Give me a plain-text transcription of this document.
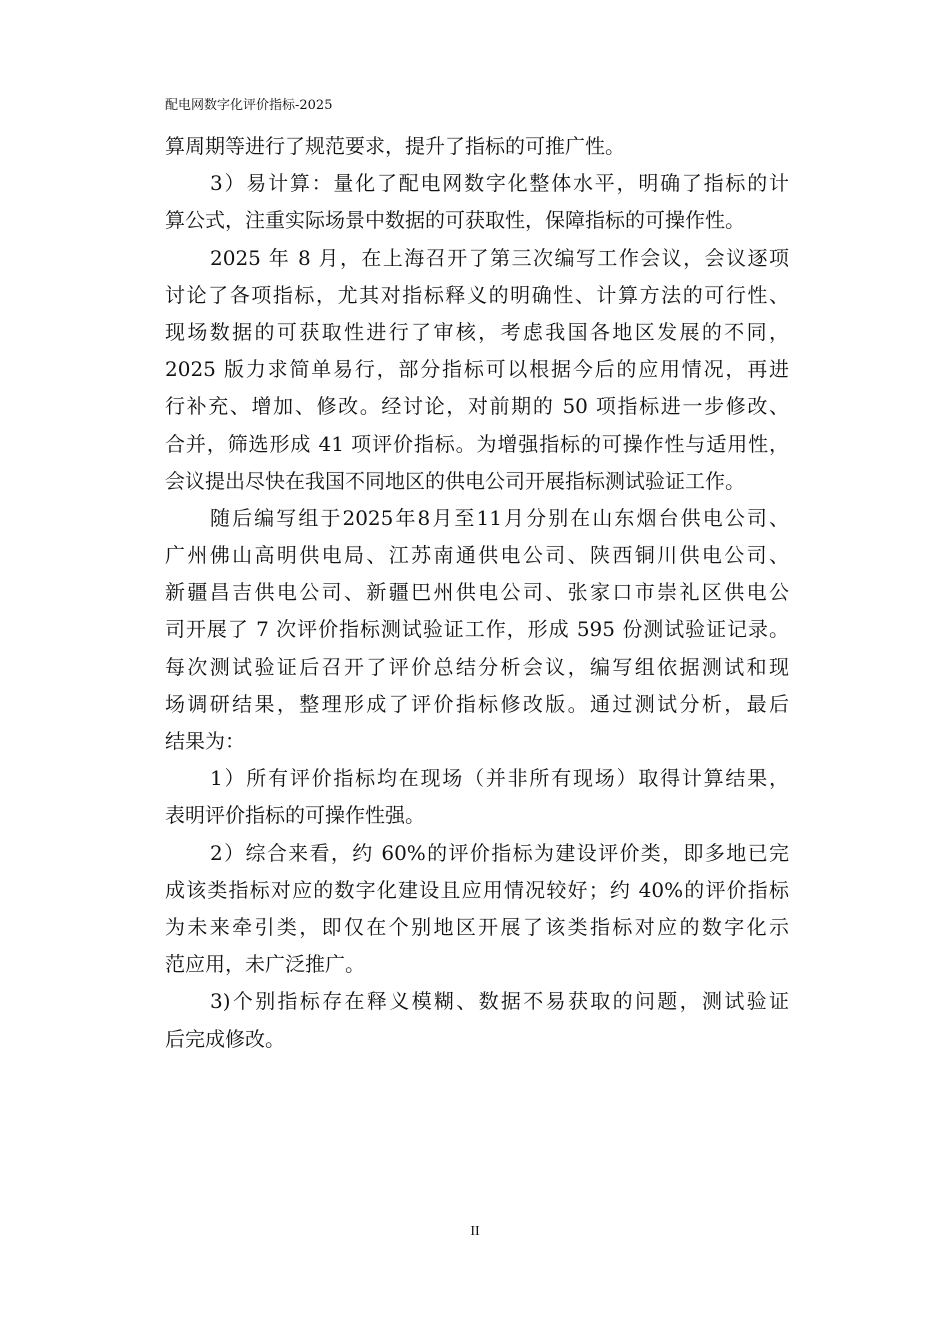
配电网数字化评价指标-2025
算周期等进行了规范要求，提升了指标的可推广性。
3）易计算：量化了配电网数字化整体水平，明确了指标的计
算公式，注重实际场景中数据的可获取性，保障指标的可操作性。
2025 年 8 月，在上海召开了第三次编写工作会议，会议逐项
讨论了各项指标，尤其对指标释义的明确性、计算方法的可行性、
现场数据的可获取性进行了审核，考虑我国各地区发展的不同，
2025 版力求简单易行，部分指标可以根据今后的应用情况，再进
行补充、增加、修改。经讨论，对前期的 50 项指标进一步修改、
合并，筛选形成 41 项评价指标。为增强指标的可操作性与适用性，
会议提出尽快在我国不同地区的供电公司开展指标测试验证工作。
随后编写组于2025年8月至11月分别在山东烟台供电公司、
广州佛山高明供电局、江苏南通供电公司、陕西铜川供电公司、
新疆昌吉供电公司、新疆巴州供电公司、张家口市崇礼区供电公
司开展了 7 次评价指标测试验证工作，形成 595 份测试验证记录。
每次测试验证后召开了评价总结分析会议，编写组依据测试和现
场调研结果，整理形成了评价指标修改版。通过测试分析，最后
结果为：
1）所有评价指标均在现场（并非所有现场）取得计算结果，
表明评价指标的可操作性强。
2）综合来看，约 60%的评价指标为建设评价类，即多地已完
成该类指标对应的数字化建设且应用情况较好；约 40%的评价指标
为未来牵引类，即仅在个别地区开展了该类指标对应的数字化示
范应用，未广泛推广。
3)个别指标存在释义模糊、数据不易获取的问题，测试验证
后完成修改。
II
